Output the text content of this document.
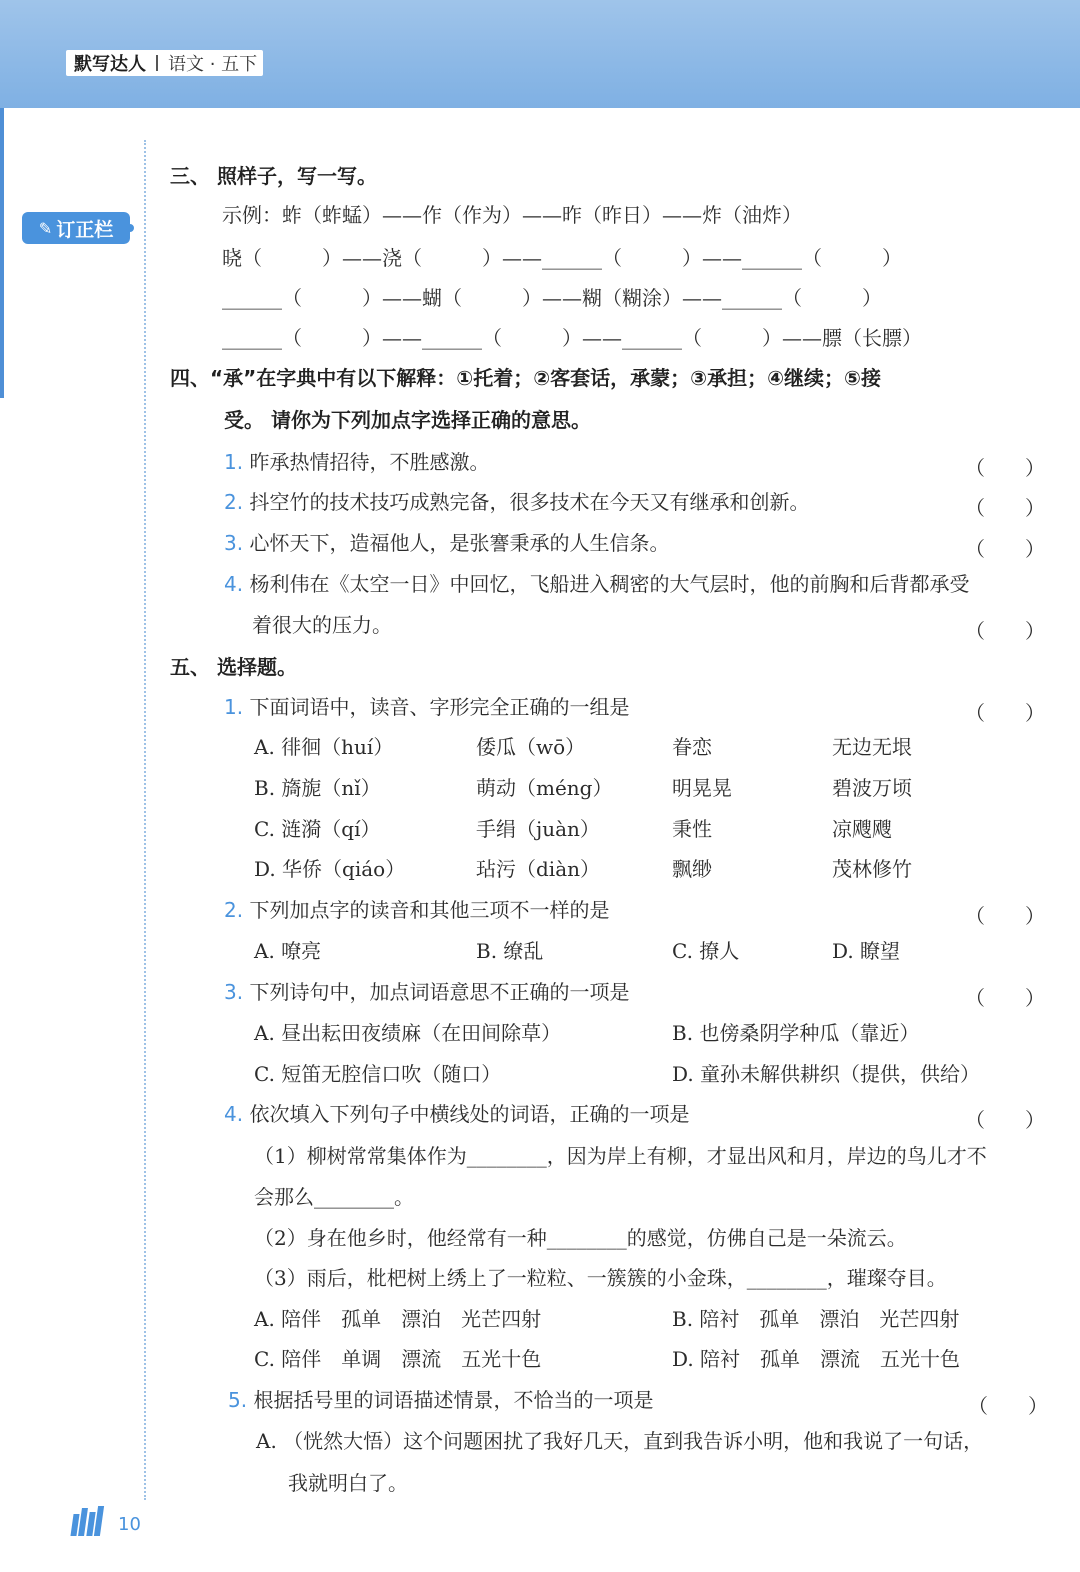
默写达人 语文 · 五下
✎ 订正栏
三、 照样子，写一写。
示例：蚱（蚱蜢）——作（作为）——昨（昨日）——炸（油炸）
晓（　　　）——浇（　　　）——______（　　　）——______（　　　）
______（　　　）——蝴（　　　）——糊（糊涂）——______（　　　）
______（　　　）——______（　　　）——______（　　　）——膘（长膘）
四、“承”在字典中有以下解释：①托着；②客套话，承蒙；③承担；④继续；⑤接
受。 请你为下列加点字选择正确的意思。
1. 昨承热情招待，不胜感激。	（　　）
2. 抖空竹的技术技巧成熟完备，很多技术在今天又有继承和创新。	（　　）
3. 心怀天下，造福他人，是张謇秉承的人生信条。	（　　）
4. 杨利伟在《太空一日》中回忆，飞船进入稠密的大气层时，他的前胸和后背都承受
着很大的压力。	（　　）
五、 选择题。
1. 下面词语中，读音、字形完全正确的一组是	（　　）
A. 徘徊（huí）	倭瓜（wō）	眷恋	无边无垠
B. 旖旎（nǐ）	萌动（méng）	明晃晃	碧波万顷
C. 涟漪（qí）	手绢（juàn）	秉性	凉飕飕
D. 华侨（qiáo）	玷污（diàn）	飘缈	茂林修竹
2. 下列加点字的读音和其他三项不一样的是	（　　）
A. 嘹亮	B. 缭乱	C. 撩人	D. 瞭望
3. 下列诗句中，加点词语意思不正确的一项是	（　　）
A. 昼出耘田夜绩麻（在田间除草）	B. 也傍桑阴学种瓜（靠近）
C. 短笛无腔信口吹（随口）	D. 童孙未解供耕织（提供，供给）
4. 依次填入下列句子中横线处的词语，正确的一项是	（　　）
（1）柳树常常集体作为________，因为岸上有柳，才显出风和月，岸边的鸟儿才不
会那么________。
（2）身在他乡时，他经常有一种________的感觉，仿佛自己是一朵流云。
（3）雨后，枇杷树上绣上了一粒粒、一簇簇的小金珠，________，璀璨夺目。
A. 陪伴　孤单　漂泊　光芒四射	B. 陪衬　孤单　漂泊　光芒四射
C. 陪伴　单调　漂流　五光十色	D. 陪衬　孤单　漂流　五光十色
5. 根据括号里的词语描述情景，不恰当的一项是	（　　）
A. （恍然大悟）这个问题困扰了我好几天，直到我告诉小明，他和我说了一句话，
我就明白了。
10
